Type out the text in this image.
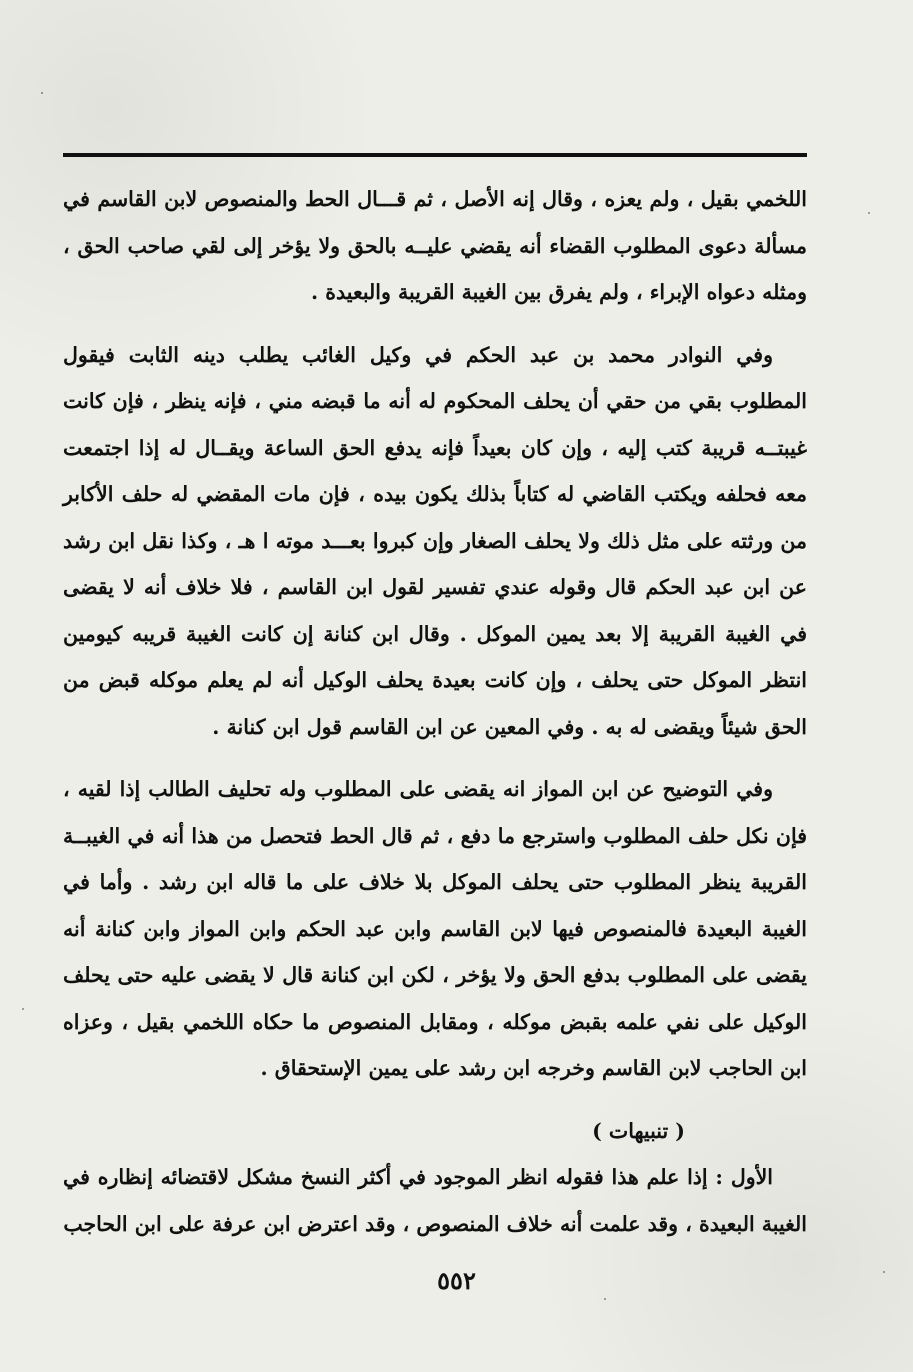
اللخمي بقيل ، ولم يعزه ، وقال إنه الأصل ، ثم قـــال الحط والمنصوص لابن القاسم في مسألة دعوى المطلوب القضاء أنه يقضي عليــه بالحق ولا يؤخر إلى لقي صاحب الحق ، ومثله دعواه الإبراء ، ولم يفرق بين الغيبة القريبة والبعيدة .

وفي النوادر محمد بن عبد الحكم في وكيل الغائب يطلب دينه الثابت فيقول المطلوب بقي من حقي أن يحلف المحكوم له أنه ما قبضه مني ، فإنه ينظر ، فإن كانت غيبتــه قريبة كتب إليه ، وإن كان بعيداً فإنه يدفع الحق الساعة ويقــال له إذا اجتمعت معه فحلفه ويكتب القاضي له كتاباً بذلك يكون بيده ، فإن مات المقضي له حلف الأكابر من ورثته على مثل ذلك ولا يحلف الصغار وإن كبروا بعـــد موته ا هـ ، وكذا نقل ابن رشد عن ابن عبد الحكم قال وقوله عندي تفسير لقول ابن القاسم ، فلا خلاف أنه لا يقضى في الغيبة القريبة إلا بعد يمين الموكل . وقال ابن كنانة إن كانت الغيبة قريبه كيومين انتظر الموكل حتى يحلف ، وإن كانت بعيدة يحلف الوكيل أنه لم يعلم موكله قبض من الحق شيئاً ويقضى له به . وفي المعين عن ابن القاسم قول ابن كنانة .

وفي التوضيح عن ابن المواز انه يقضى على المطلوب وله تحليف الطالب إذا لقيه ، فإن نكل حلف المطلوب واسترجع ما دفع ، ثم قال الحط فتحصل من هذا أنه في الغيبــة القريبة ينظر المطلوب حتى يحلف الموكل بلا خلاف على ما قاله ابن رشد . وأما في الغيبة البعيدة فالمنصوص فيها لابن القاسم وابن عبد الحكم وابن المواز وابن كنانة أنه يقضى على المطلوب بدفع الحق ولا يؤخر ، لكن ابن كنانة قال لا يقضى عليه حتى يحلف الوكيل على نفي علمه بقبض موكله ، ومقابل المنصوص ما حكاه اللخمي بقيل ، وعزاه ابن الحاجب لابن القاسم وخرجه ابن رشد على يمين الإستحقاق .

( تنبيهات )

الأول : إذا علم هذا فقوله انظر الموجود في أكثر النسخ مشكل لاقتضائه إنظاره في الغيبة البعيدة ، وقد علمت أنه خلاف المنصوص ، وقد اعترض ابن عرفة على ابن الحاجب

٥٥٢
